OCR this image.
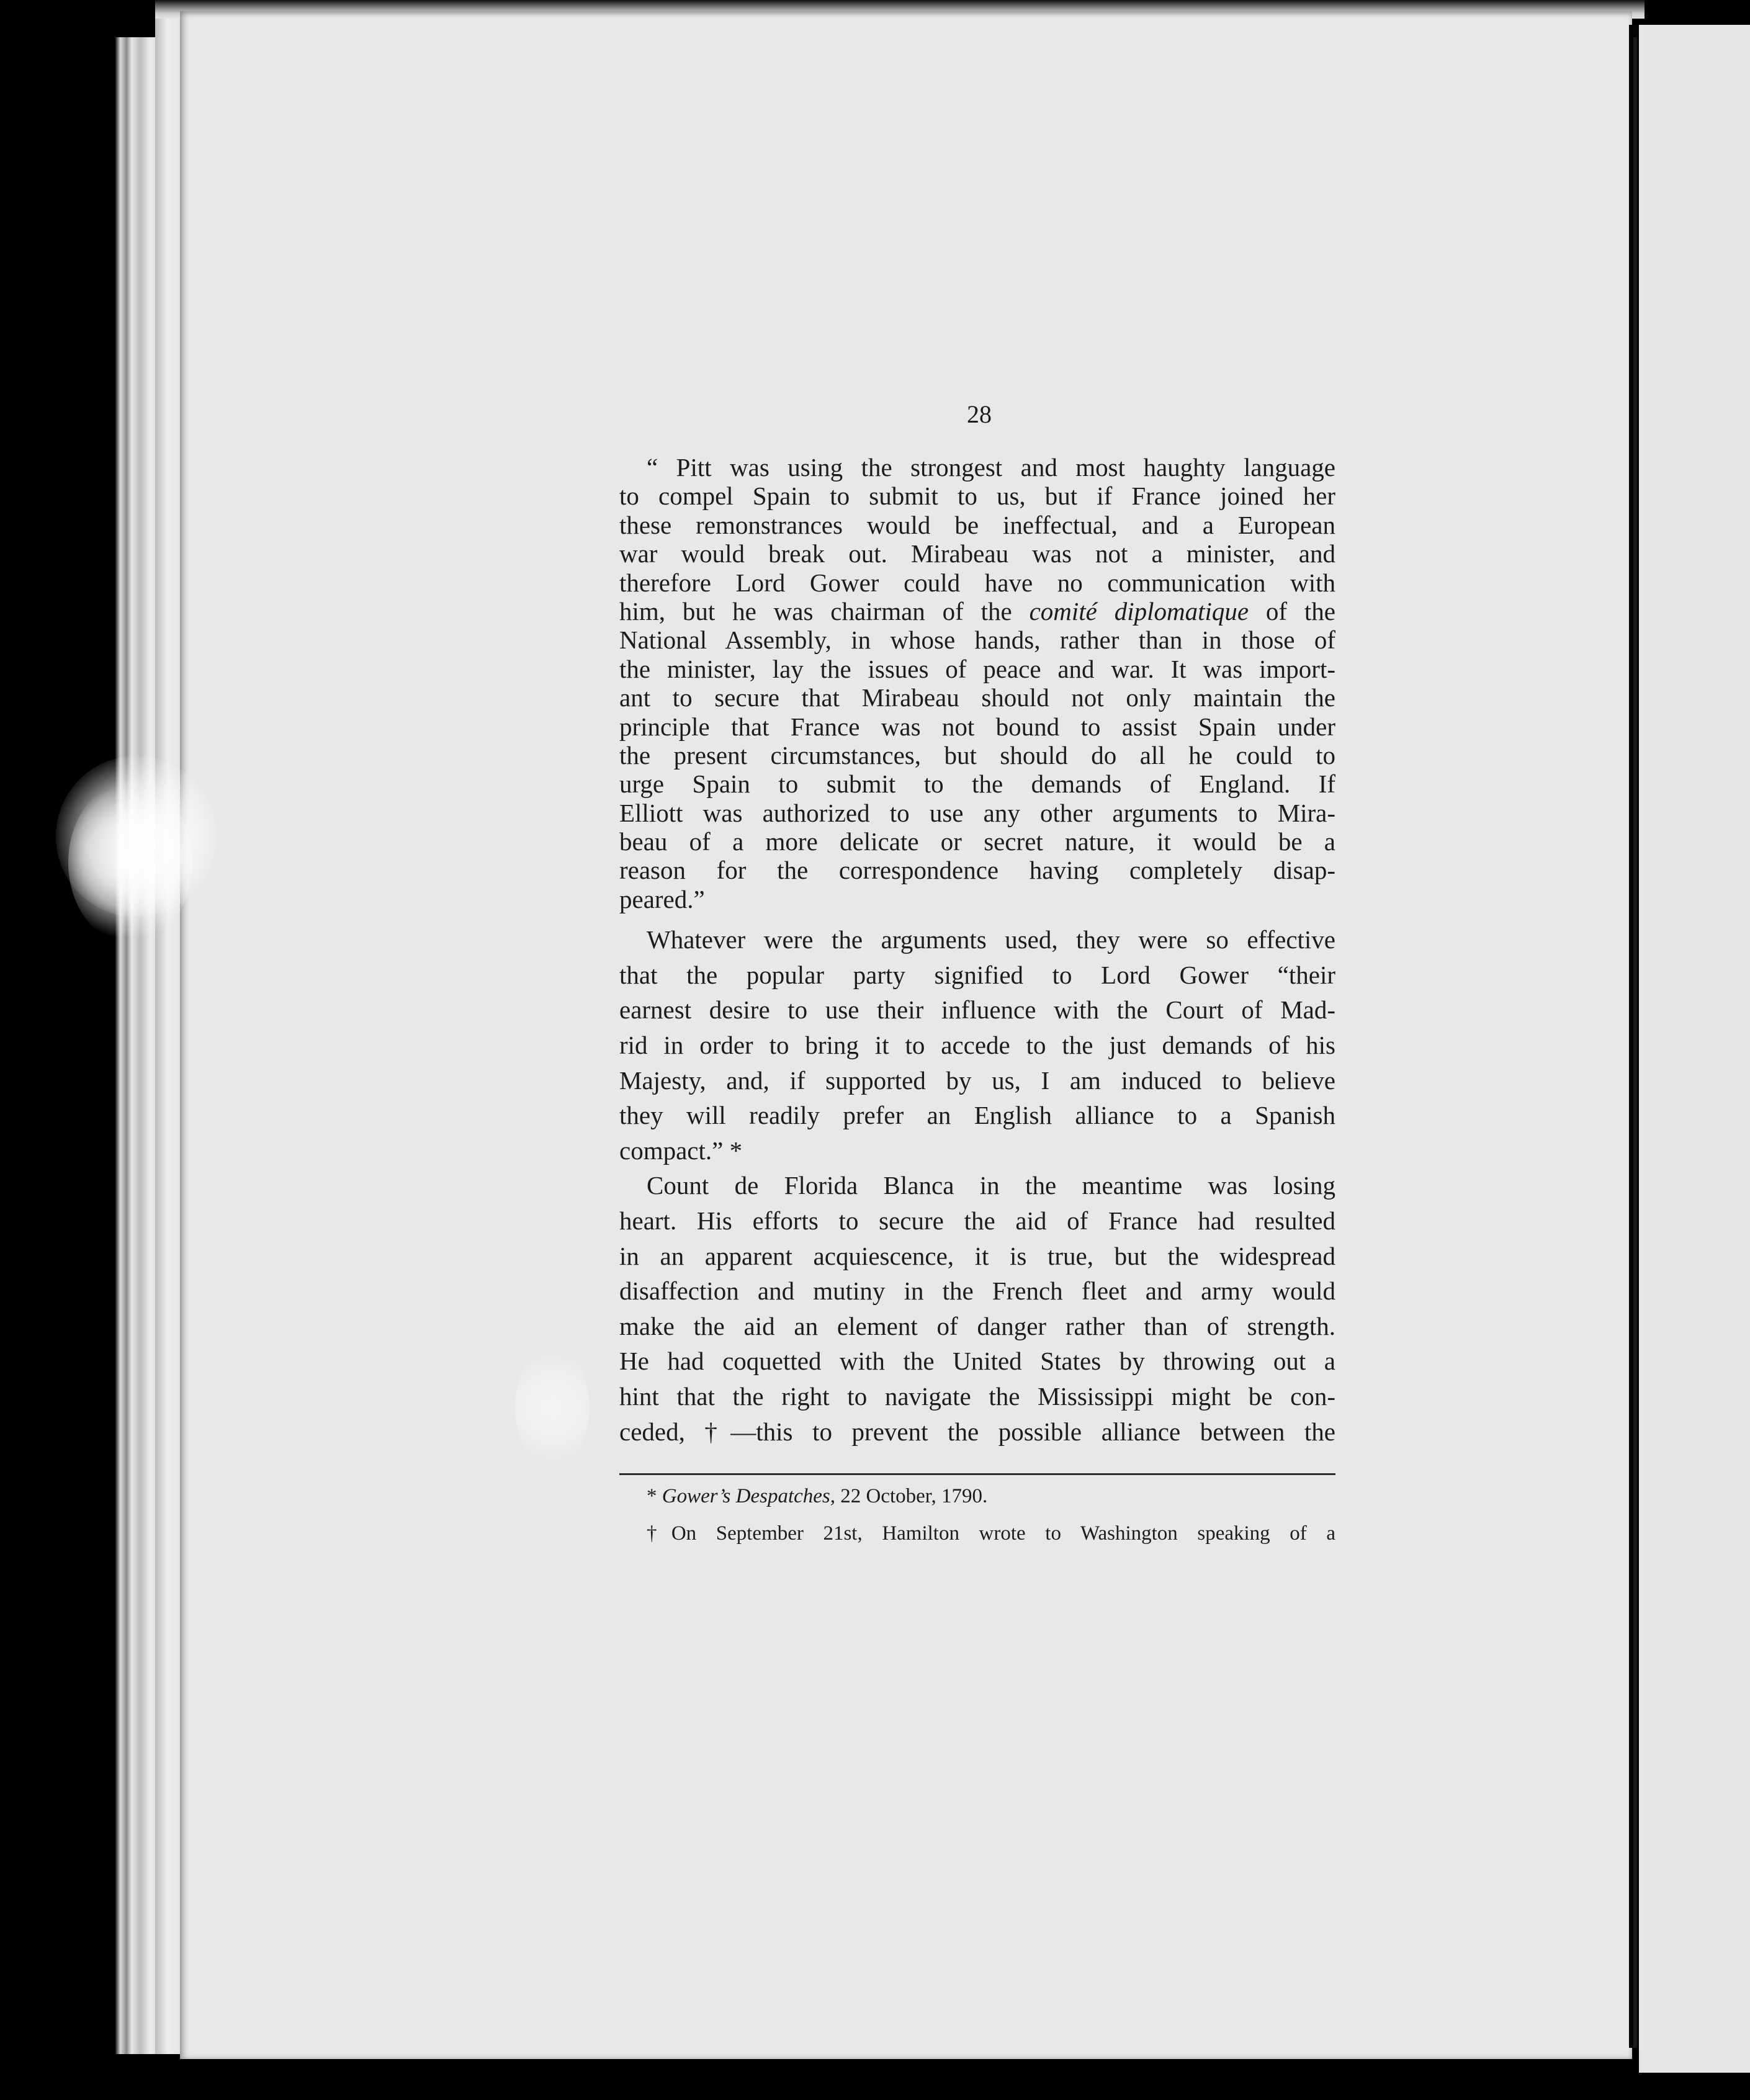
28
“ Pitt was using the strongest and most haughty language
to compel Spain to submit to us, but if France joined her
these remonstrances would be ineffectual, and a European
war would break out. Mirabeau was not a minister, and
therefore Lord Gower could have no communication with
him, but he was chairman of the comité diplomatique of the
National Assembly, in whose hands, rather than in those of
the minister, lay the issues of peace and war. It was import-
ant to secure that Mirabeau should not only maintain the
principle that France was not bound to assist Spain under
the present circumstances, but should do all he could to
urge Spain to submit to the demands of England. If
Elliott was authorized to use any other arguments to Mira-
beau of a more delicate or secret nature, it would be a
reason for the correspondence having completely disap-
peared.”
Whatever were the arguments used, they were so effective
that the popular party signified to Lord Gower “their
earnest desire to use their influence with the Court of Mad-
rid in order to bring it to accede to the just demands of his
Majesty, and, if supported by us, I am induced to believe
they will readily prefer an English alliance to a Spanish
compact.” *
Count de Florida Blanca in the meantime was losing
heart. His efforts to secure the aid of France had resulted
in an apparent acquiescence, it is true, but the widespread
disaffection and mutiny in the French fleet and army would
make the aid an element of danger rather than of strength.
He had coquetted with the United States by throwing out a
hint that the right to navigate the Mississippi might be con-
ceded, †—this to prevent the possible alliance between the
* Gower’s Despatches, 22 October, 1790.
†On September 21st, Hamilton wrote to Washington speaking of a
